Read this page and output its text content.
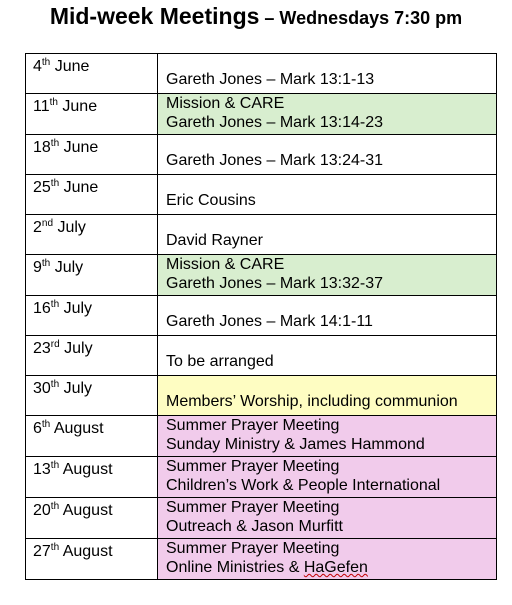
Mid-week Meetings – Wednesdays 7:30 pm
4th June	Gareth Jones – Mark 13:1-13

11th June	Mission & CARE
Gareth Jones – Mark 13:14-23

18th June	Gareth Jones – Mark 13:24-31

25th June	Eric Cousins

2nd July	David Rayner

9th July	Mission & CARE
Gareth Jones – Mark 13:32-37

16th July	Gareth Jones – Mark 14:1-11

23rd July	To be arranged

30th July	Members’ Worship, including communion

6th August	Summer Prayer Meeting
Sunday Ministry & James Hammond

13th August	Summer Prayer Meeting
Children’s Work & People International

20th August	Summer Prayer Meeting
Outreach & Jason Murfitt

27th August	Summer Prayer Meeting
Online Ministries & HaGefen
